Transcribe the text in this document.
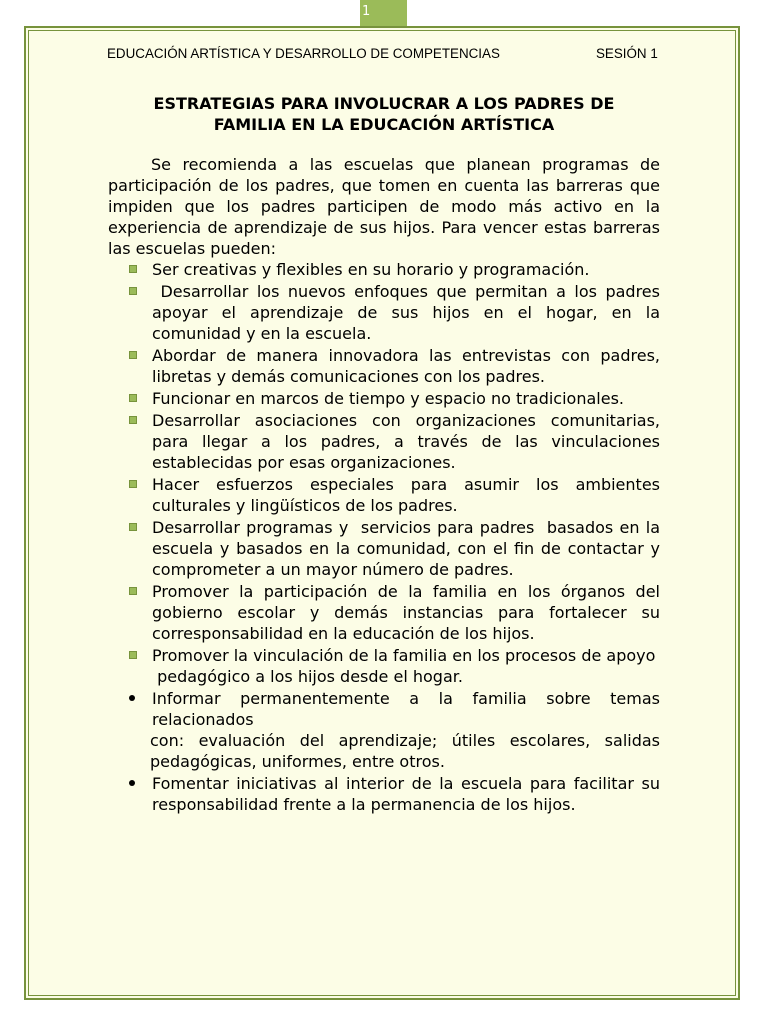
1
EDUCACIÓN ARTÍSTICA Y DESARROLLO DE COMPETENCIAS	SESIÓN 1
ESTRATEGIAS PARA INVOLUCRAR A LOS PADRES DE
FAMILIA EN LA EDUCACIÓN ARTÍSTICA

Se recomienda a las escuelas que planean programas de participación de los padres, que tomen en cuenta las barreras que impiden que los padres participen de modo más activo en la experiencia de aprendizaje de sus hijos. Para vencer estas barreras las escuelas pueden:

Ser creativas y flexibles en su horario y programación.
Desarrollar los nuevos enfoques que permitan a los padres apoyar el aprendizaje de sus hijos en el hogar, en la comunidad y en la escuela.
Abordar de manera innovadora las entrevistas con padres, libretas y demás comunicaciones con los padres.
Funcionar en marcos de tiempo y espacio no tradicionales.
Desarrollar asociaciones con organizaciones comunitarias, para llegar a los padres, a través de las vinculaciones establecidas por esas organizaciones.
Hacer esfuerzos especiales para asumir los ambientes culturales y lingüísticos de los padres.
Desarrollar programas y  servicios para padres  basados en la escuela y basados en la comunidad, con el fin de contactar y comprometer a un mayor número de padres.
Promover la participación de la familia en los órganos del gobierno escolar y demás instancias para fortalecer su corresponsabilidad en la educación de los hijos.
Promover la vinculación de la familia en los procesos de apoyo
pedagógico a los hijos desde el hogar.
Informar permanentemente a la familia sobre temas relacionados
con: evaluación del aprendizaje; útiles escolares, salidas pedagógicas, uniformes, entre otros.
Fomentar iniciativas al interior de la escuela para facilitar su responsabilidad frente a la permanencia de los hijos.
